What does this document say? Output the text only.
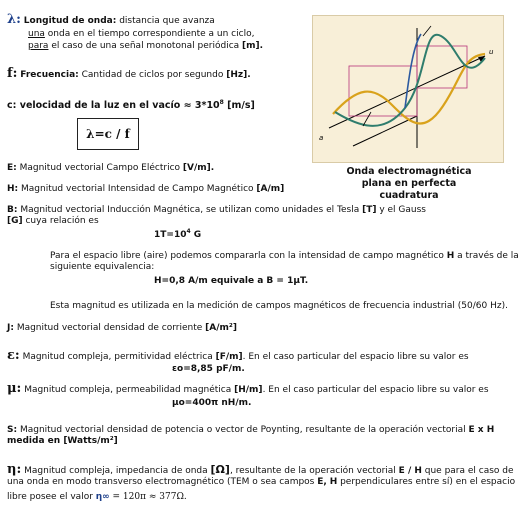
λ: Longitud de onda: distancia que avanza
una onda en el tiempo correspondiente a un ciclo,
para el caso de una señal monotonal periódica [m].
f: Frecuencia: Cantidad de ciclos por segundo [Hz].
c: velocidad de la luz en el vacío ≈ $3*10^8$ [m/s]
λ=c / f	a
u
Onda electromagnética
plana en perfecta cuadratura
E: Magnitud vectorial Campo Eléctrico [V/m].
H: Magnitud vectorial Intensidad de Campo Magnético [A/m]
B: Magnitud vectorial Inducción Magnética, se utilizan como unidades el Tesla [T] y el Gauss
[G] cuya relación es
$1T=10^4$ G
Para el espacio libre (aire) podemos compararla con la intensidad de campo magnético H a través de la
siguiente equivalencia:
H=0,8 A/m equivale a B = 1μT.
Esta magnitud es utilizada en la medición de campos magnéticos de frecuencia industrial (50/60 Hz).
J: Magnitud vectorial densidad de corriente [A/m²]
ε: Magnitud compleja, permitividad eléctrica [F/m]. En el caso particular del espacio libre su valor es
εo=8,85 pF/m.
μ: Magnitud compleja, permeabilidad magnética [H/m]. En el caso particular del espacio libre su valor es
μo=400π nH/m.
S: Magnitud vectorial densidad de potencia o vector de Poynting, resultante de la operación vectorial E x H
medida en [Watts/m²]
η: Magnitud compleja, impedancia de onda [Ω], resultante de la operación vectorial E / H que para el caso de
una onda en modo transverso electromagnético (TEM o sea campos E, H perpendiculares entre sí) en el espacio
libre posee el valor η∞ = 120π ≈ 377Ω.
